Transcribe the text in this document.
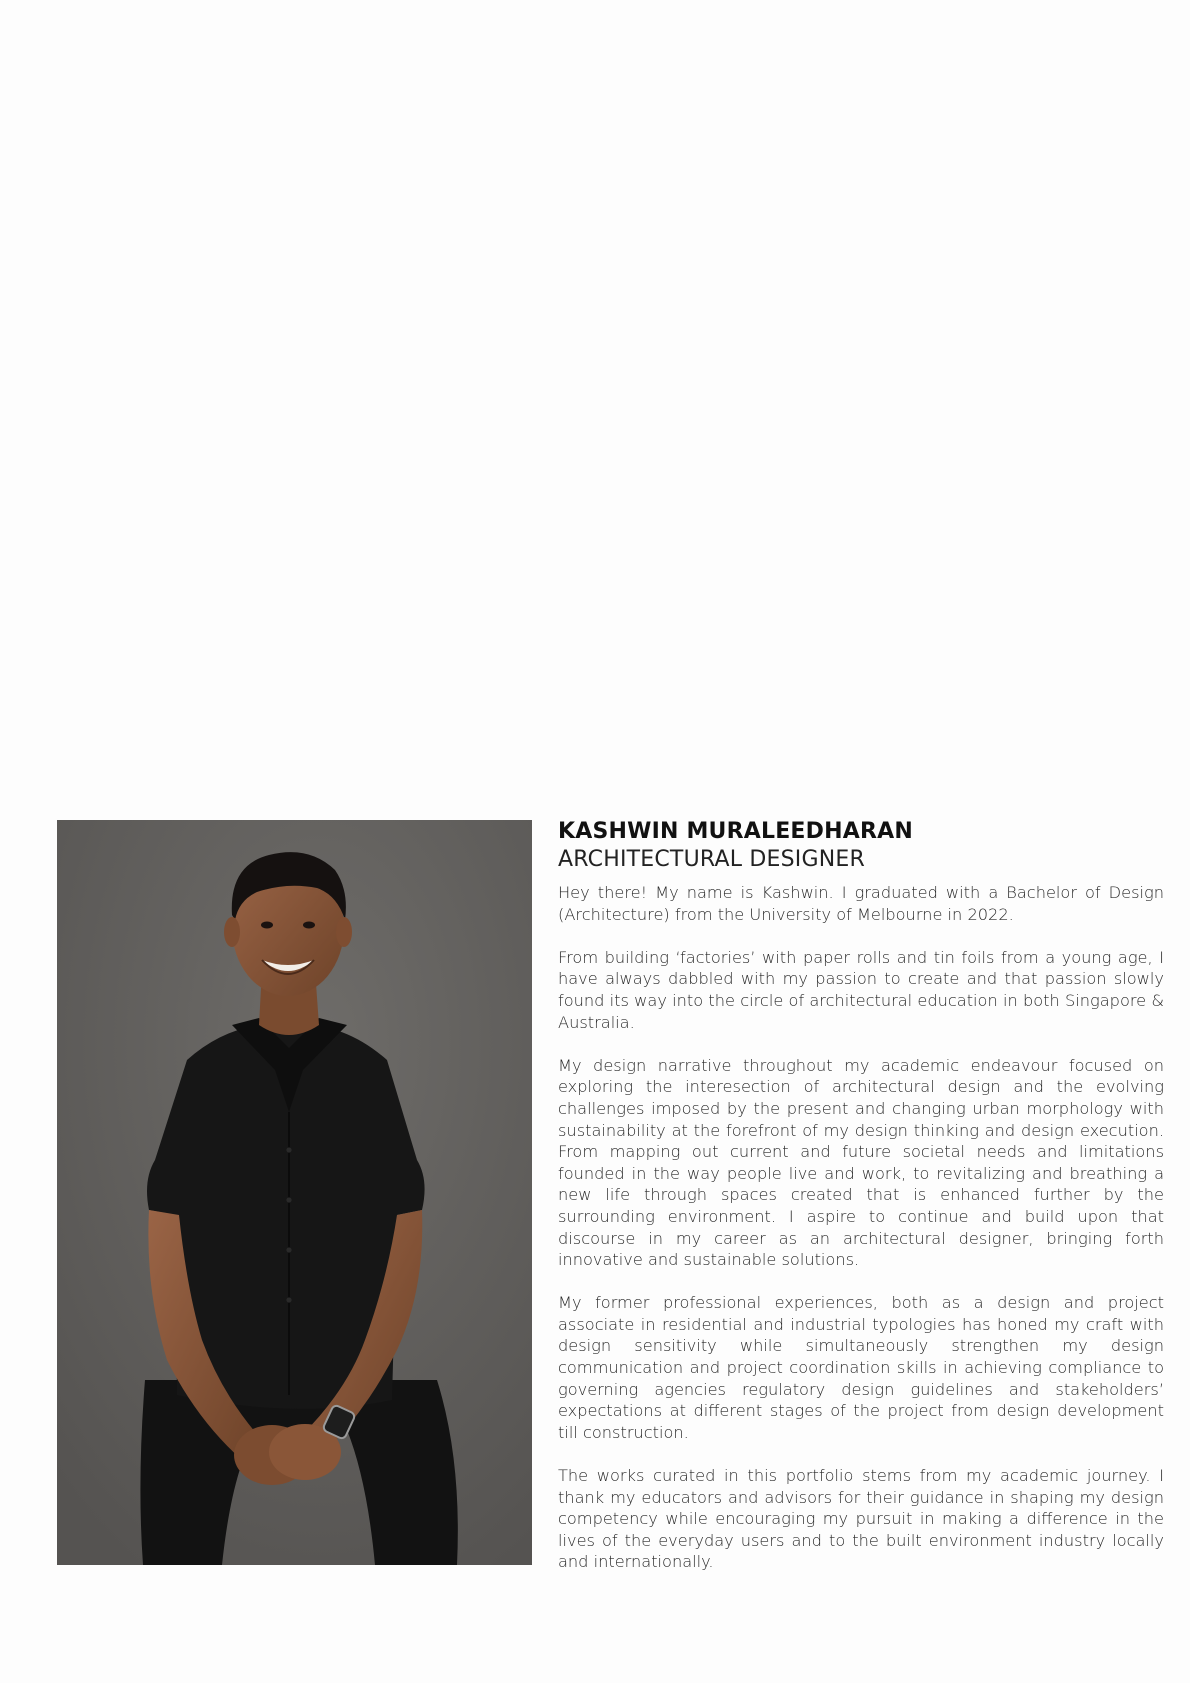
KASHWIN MURALEEDHARAN
ARCHITECTURAL DESIGNER

Hey there! My name is Kashwin. I graduated with a Bachelor of Design (Architecture) from the University of Melbourne in 2022.

From building ‘factories’ with paper rolls and tin foils from a young age, I have always dabbled with my passion to create and that passion slowly found its way into the circle of architectural education in both Singapore & Australia.

My design narrative throughout my academic endeavour focused on exploring the interesection of architectural design and the evolving challenges imposed by the present and changing urban morphology with sustainability at the forefront of my design thinking and design execution. From mapping out current and future societal needs and limitations founded in the way people live and work, to revitalizing and breathing a new life through spaces created that is enhanced further by the surrounding environment. I aspire to continue and build upon that discourse in my career as an architectural designer, bringing forth innovative and sustainable solutions.

My former professional experiences, both as a design and project associate in residential and industrial typologies has honed my craft with design sensitivity while simultaneously strengthen my design communication and project coordination skills in achieving compliance to governing agencies regulatory design guidelines and stakeholders’ expectations at different stages of the project from design development till construction.

The works curated in this portfolio stems from my academic journey. I thank my educators and advisors for their guidance in shaping my design competency while encouraging my pursuit in making a difference in the lives of the everyday users and to the built environment industry locally and internationally.
